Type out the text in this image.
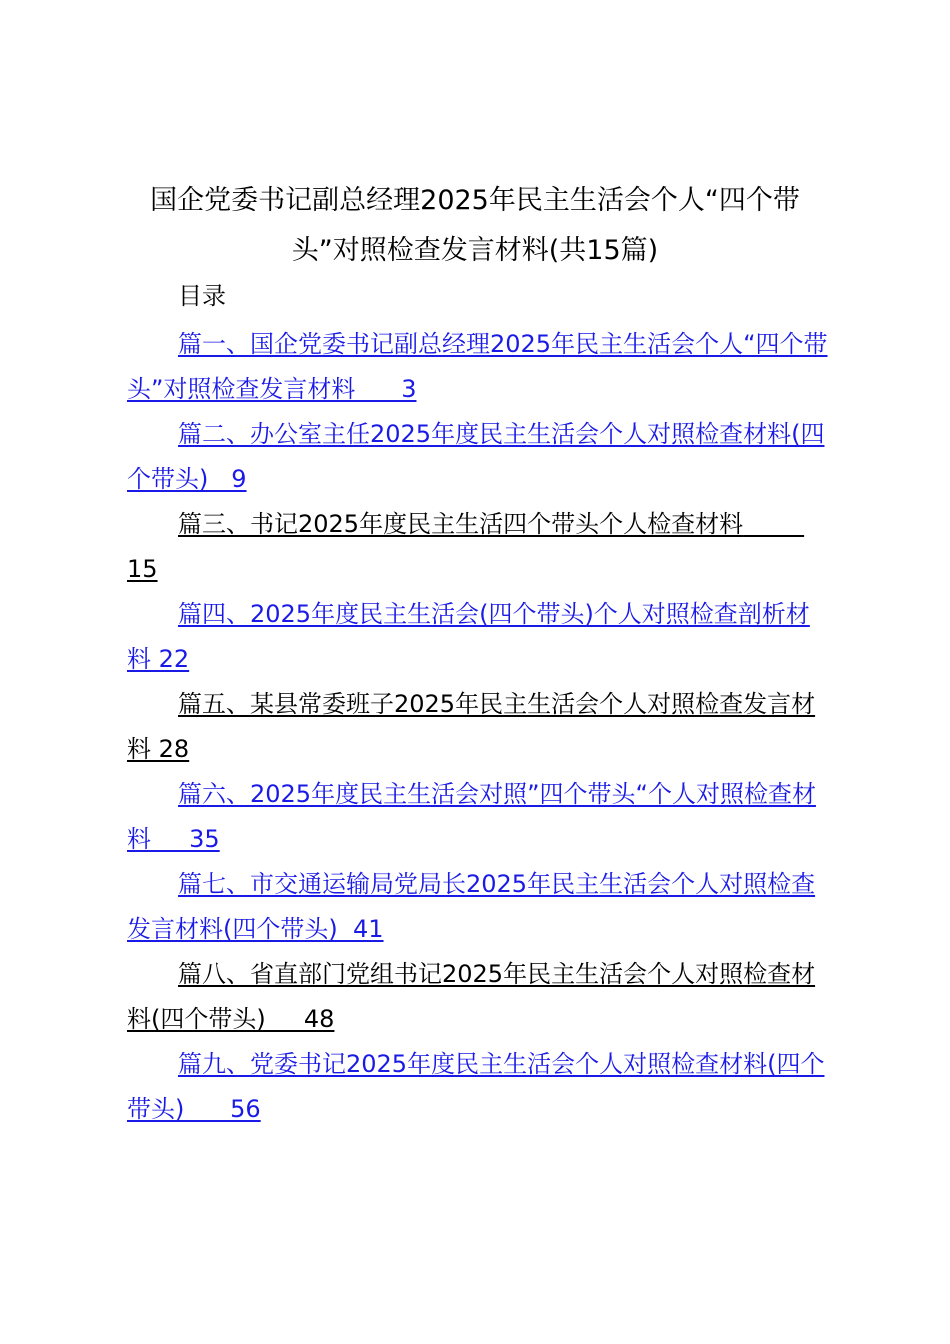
国企党委书记副总经理2025年民主生活会个人“四个带
头”对照检查发言材料(共15篇)
目录

篇一、国企党委书记副总经理2025年民主生活会个人“四个带头”对照检查发言材料      3

篇二、办公室主任2025年度民主生活会个人对照检查材料(四个带头)   9

篇三、书记2025年度民主生活四个带头个人检查材料        15

篇四、2025年度民主生活会(四个带头)个人对照检查剖析材料 22

篇五、某县常委班子2025年民主生活会个人对照检查发言材料 28

篇六、2025年度民主生活会对照”四个带头“个人对照检查材料     35

篇七、市交通运输局党局长2025年民主生活会个人对照检查发言材料(四个带头)  41

篇八、省直部门党组书记2025年民主生活会个人对照检查材料(四个带头)     48

篇九、党委书记2025年度民主生活会个人对照检查材料(四个带头)      56
